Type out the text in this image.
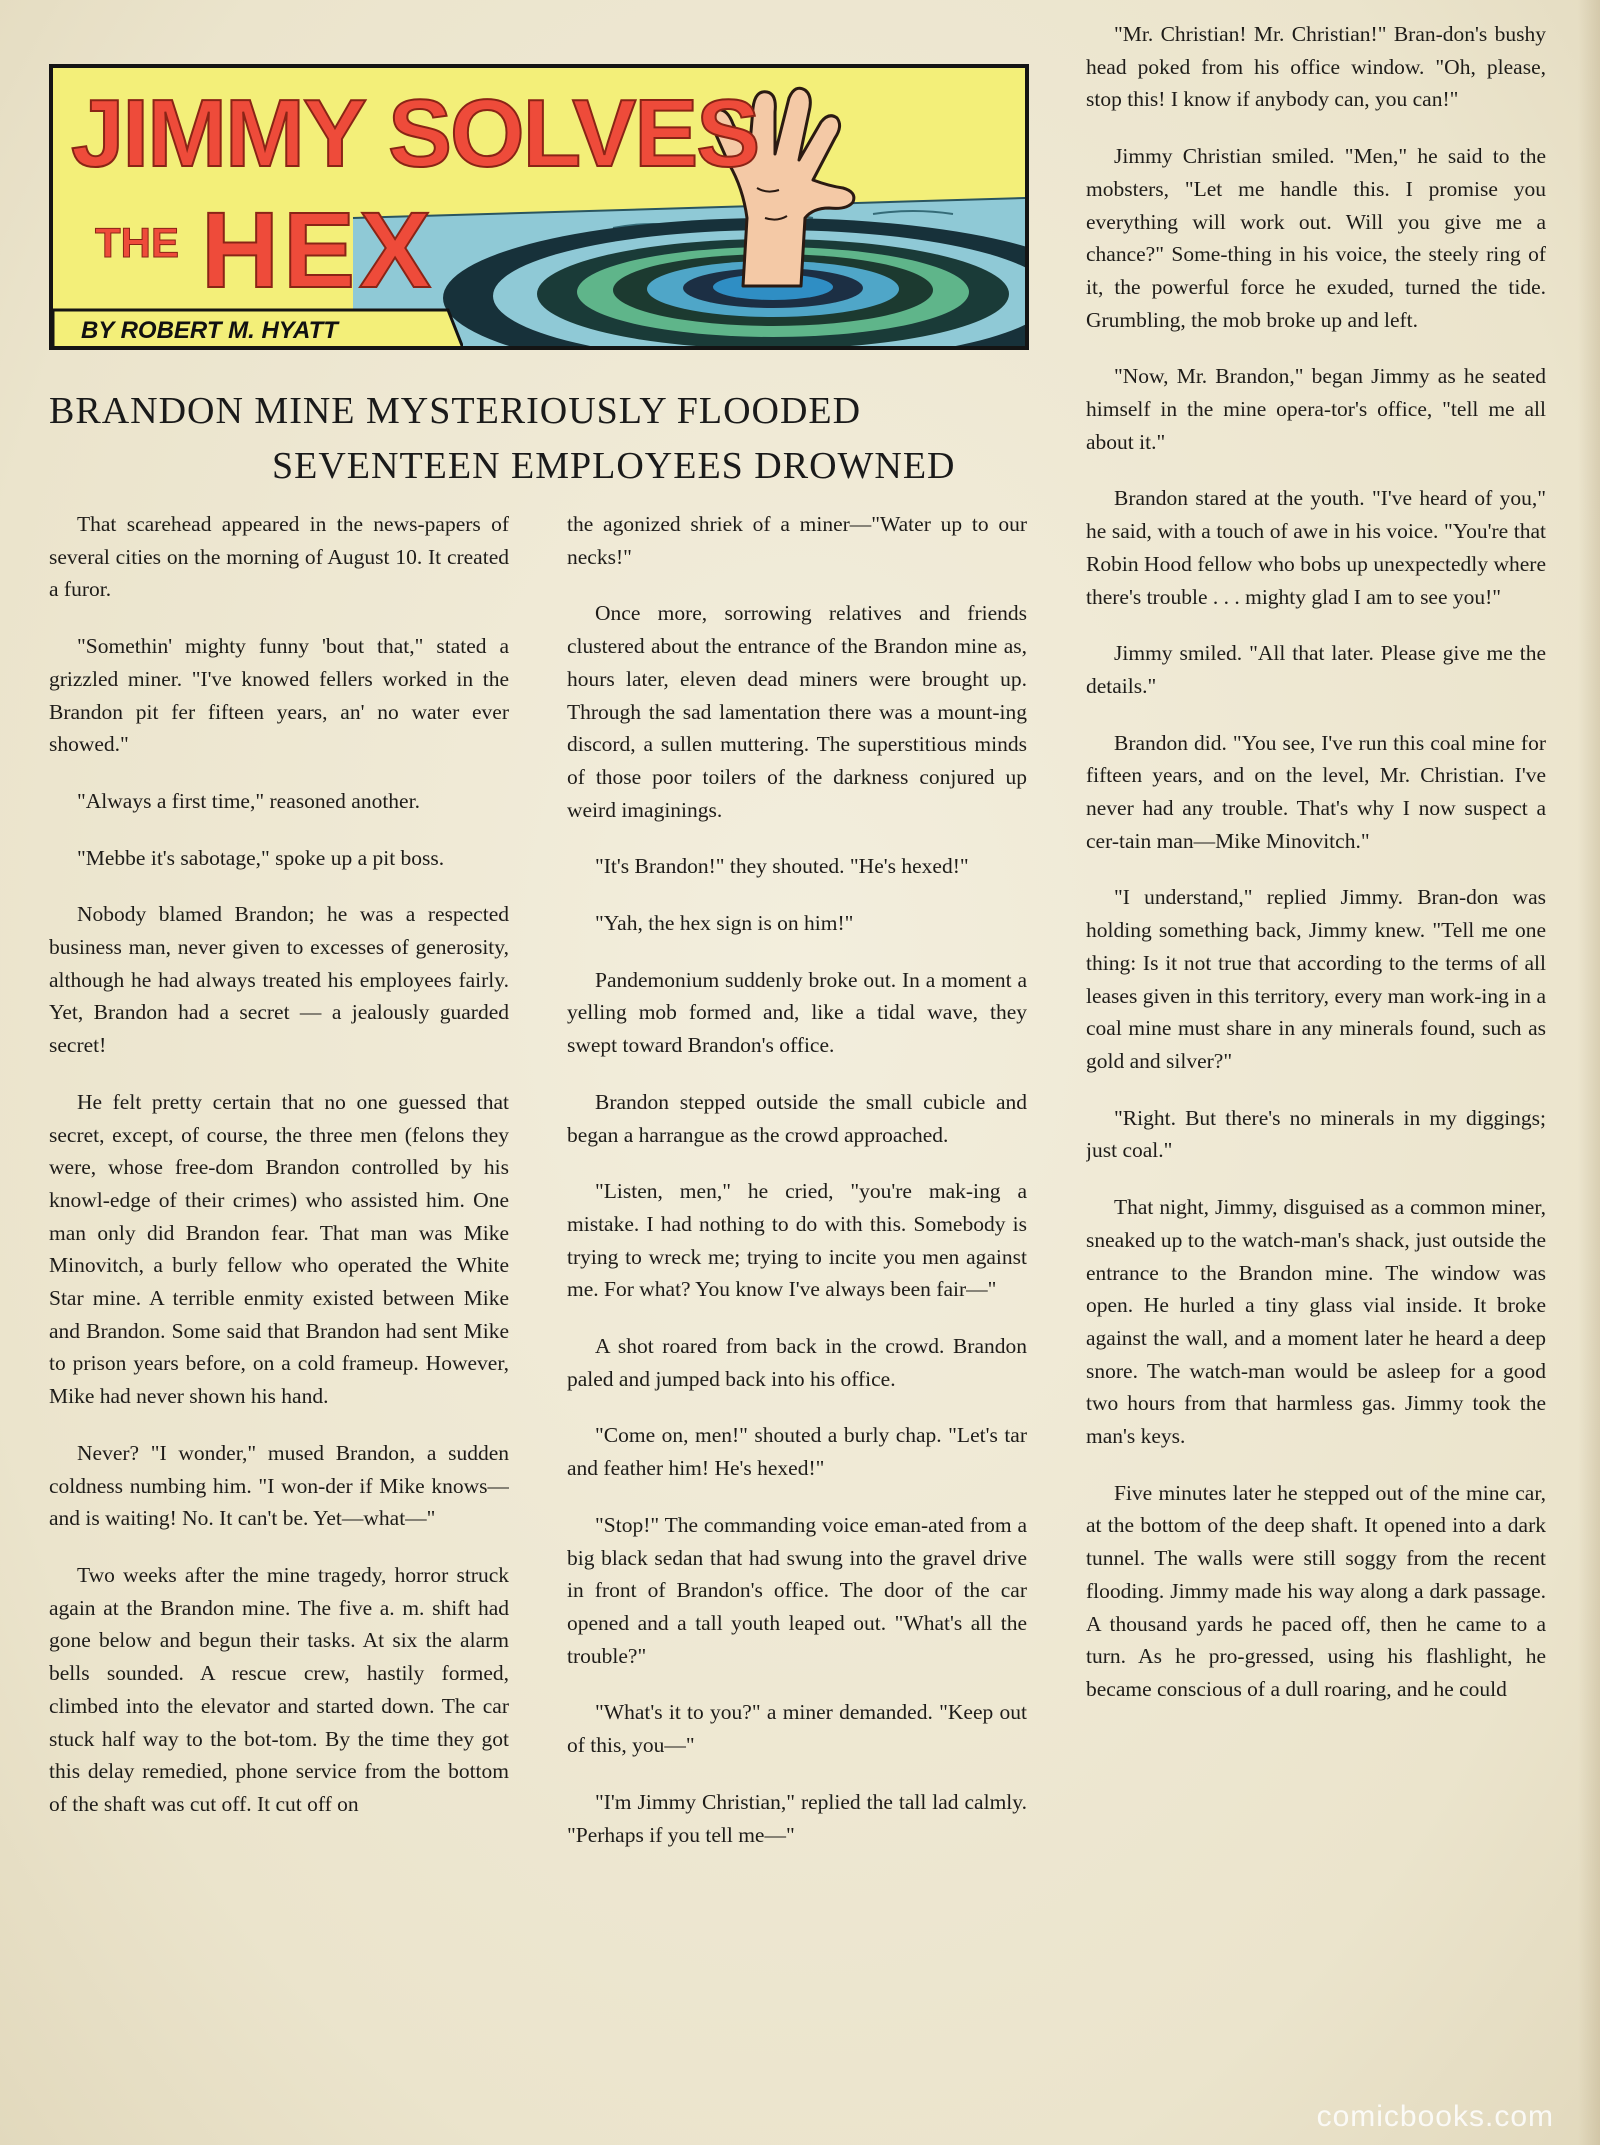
JIMMY SOLVES
THE HEX
BY ROBERT M. HYATT
BRANDON MINE MYSTERIOUSLY FLOODED
SEVENTEEN EMPLOYEES DROWNED

That scarehead appeared in the news-papers of several cities on the morning of August 10. It created a furor.

"Somethin' mighty funny 'bout that," stated a grizzled miner. "I've knowed fellers worked in the Brandon pit fer fifteen years, an' no water ever showed."

"Always a first time," reasoned another.

"Mebbe it's sabotage," spoke up a pit boss.

Nobody blamed Brandon; he was a respected business man, never given to excesses of generosity, although he had always treated his employees fairly. Yet, Brandon had a secret — a jealously guarded secret!

He felt pretty certain that no one guessed that secret, except, of course, the three men (felons they were, whose free-dom Brandon controlled by his knowl-edge of their crimes) who assisted him. One man only did Brandon fear. That man was Mike Minovitch, a burly fellow who operated the White Star mine. A terrible enmity existed between Mike and Brandon. Some said that Brandon had sent Mike to prison years before, on a cold frameup. However, Mike had never shown his hand.

Never? "I wonder," mused Brandon, a sudden coldness numbing him. "I won-der if Mike knows—and is waiting! No. It can't be. Yet—what—"

Two weeks after the mine tragedy, horror struck again at the Brandon mine. The five a. m. shift had gone below and begun their tasks. At six the alarm bells sounded. A rescue crew, hastily formed, climbed into the elevator and started down. The car stuck half way to the bot-tom. By the time they got this delay remedied, phone service from the bottom of the shaft was cut off. It cut off on

the agonized shriek of a miner—"Water up to our necks!"

Once more, sorrowing relatives and friends clustered about the entrance of the Brandon mine as, hours later, eleven dead miners were brought up. Through the sad lamentation there was a mount-ing discord, a sullen muttering. The superstitious minds of those poor toilers of the darkness conjured up weird imaginings.

"It's Brandon!" they shouted. "He's hexed!"

"Yah, the hex sign is on him!"

Pandemonium suddenly broke out. In a moment a yelling mob formed and, like a tidal wave, they swept toward Brandon's office.

Brandon stepped outside the small cubicle and began a harrangue as the crowd approached.

"Listen, men," he cried, "you're mak-ing a mistake. I had nothing to do with this. Somebody is trying to wreck me; trying to incite you men against me. For what? You know I've always been fair—"

A shot roared from back in the crowd. Brandon paled and jumped back into his office.

"Come on, men!" shouted a burly chap. "Let's tar and feather him! He's hexed!"

"Stop!" The commanding voice eman-ated from a big black sedan that had swung into the gravel drive in front of Brandon's office. The door of the car opened and a tall youth leaped out. "What's all the trouble?"

"What's it to you?" a miner demanded. "Keep out of this, you—"

"I'm Jimmy Christian," replied the tall lad calmly. "Perhaps if you tell me—"

"Mr. Christian! Mr. Christian!" Bran-don's bushy head poked from his office window. "Oh, please, stop this! I know if anybody can, you can!"

Jimmy Christian smiled. "Men," he said to the mobsters, "Let me handle this. I promise you everything will work out. Will you give me a chance?" Some-thing in his voice, the steely ring of it, the powerful force he exuded, turned the tide. Grumbling, the mob broke up and left.

"Now, Mr. Brandon," began Jimmy as he seated himself in the mine opera-tor's office, "tell me all about it."

Brandon stared at the youth. "I've heard of you," he said, with a touch of awe in his voice. "You're that Robin Hood fellow who bobs up unexpectedly where there's trouble . . . mighty glad I am to see you!"

Jimmy smiled. "All that later. Please give me the details."

Brandon did. "You see, I've run this coal mine for fifteen years, and on the level, Mr. Christian. I've never had any trouble. That's why I now suspect a cer-tain man—Mike Minovitch."

"I understand," replied Jimmy. Bran-don was holding something back, Jimmy knew. "Tell me one thing: Is it not true that according to the terms of all leases given in this territory, every man work-ing in a coal mine must share in any minerals found, such as gold and silver?"

"Right. But there's no minerals in my diggings; just coal."

That night, Jimmy, disguised as a common miner, sneaked up to the watch-man's shack, just outside the entrance to the Brandon mine. The window was open. He hurled a tiny glass vial inside. It broke against the wall, and a moment later he heard a deep snore. The watch-man would be asleep for a good two hours from that harmless gas. Jimmy took the man's keys.

Five minutes later he stepped out of the mine car, at the bottom of the deep shaft. It opened into a dark tunnel. The walls were still soggy from the recent flooding. Jimmy made his way along a dark passage. A thousand yards he paced off, then he came to a turn. As he pro-gressed, using his flashlight, he became conscious of a dull roaring, and he could

comicbooks.com
